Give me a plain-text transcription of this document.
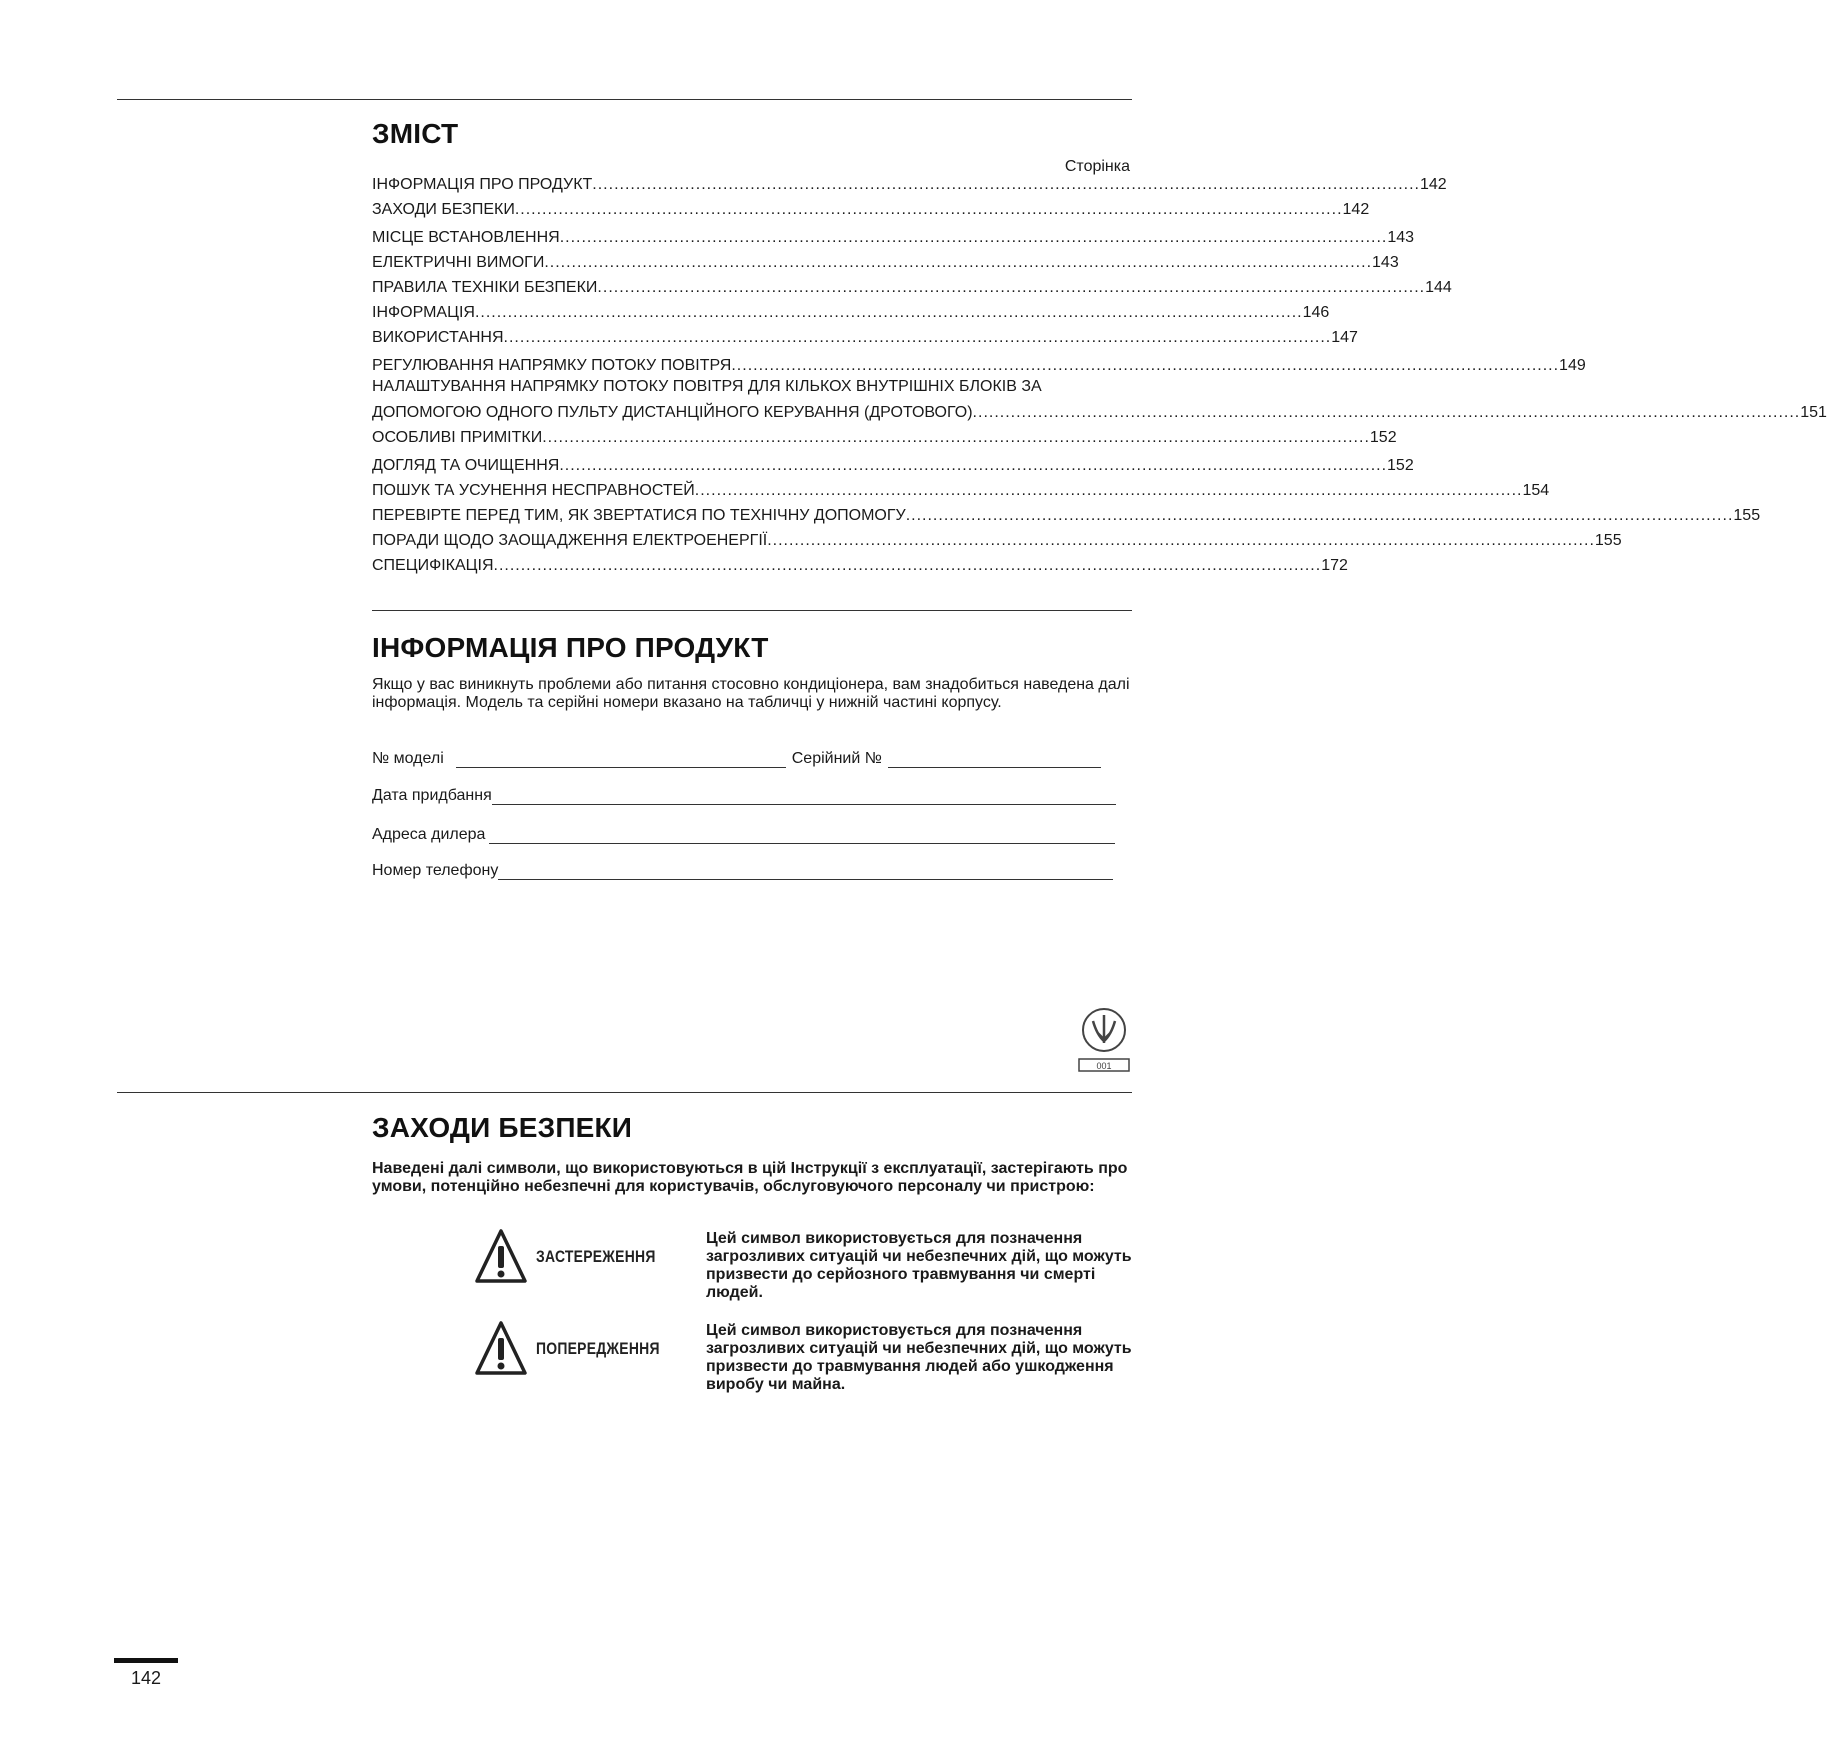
ЗМІСТ
Сторінка
ІНФОРМАЦІЯ ПРО ПРОДУКТ ........................................................................................................................................................ 142
ЗАХОДИ БЕЗПЕКИ ........................................................................................................................................................ 142
МІСЦЕ ВСТАНОВЛЕННЯ ........................................................................................................................................................ 143
ЕЛЕКТРИЧНІ ВИМОГИ ........................................................................................................................................................ 143
ПРАВИЛА ТЕХНІКИ БЕЗПЕКИ ........................................................................................................................................................ 144
ІНФОРМАЦІЯ ........................................................................................................................................................ 146
ВИКОРИСТАННЯ ........................................................................................................................................................ 147
РЕГУЛЮВАННЯ НАПРЯМКУ ПОТОКУ ПОВІТРЯ ........................................................................................................................................................ 149
НАЛАШТУВАННЯ НАПРЯМКУ ПОТОКУ ПОВІТРЯ ДЛЯ КІЛЬКОХ ВНУТРІШНІХ БЛОКІВ ЗА
ДОПОМОГОЮ ОДНОГО ПУЛЬТУ ДИСТАНЦІЙНОГО КЕРУВАННЯ (ДРОТОВОГО) ........................................................................................................................................................ 151
ОСОБЛИВІ ПРИМІТКИ ........................................................................................................................................................ 152
ДОГЛЯД ТА ОЧИЩЕННЯ ........................................................................................................................................................ 152
ПОШУК ТА УСУНЕННЯ НЕСПРАВНОСТЕЙ ........................................................................................................................................................ 154
ПЕРЕВІРТЕ ПЕРЕД ТИМ, ЯК ЗВЕРТАТИСЯ ПО ТЕХНІЧНУ ДОПОМОГУ ........................................................................................................................................................ 155
ПОРАДИ ЩОДО ЗАОЩАДЖЕННЯ ЕЛЕКТРОЕНЕРГІЇ ........................................................................................................................................................ 155
СПЕЦИФІКАЦІЯ ........................................................................................................................................................ 172
ІНФОРМАЦІЯ ПРО ПРОДУКТ

Якщо у вас виникнуть проблеми або питання стосовно кондиціонера, вам знадобиться наведена далі інформація. Модель та серійні номери вказано на табличці у нижній частині корпусу.

№ моделі	Серійний №
Дата придбання
Адреса дилера
Номер телефону
001
ЗАХОДИ БЕЗПЕКИ

Наведені далі символи, що використовуються в цій Інструкції з експлуатації, застерігають про умови, потенційно небезпечні для користувачів, обслуговуючого персоналу чи пристрою:

ЗАСТЕРЕЖЕННЯ

Цей символ використовується для позначення загрозливих ситуацій чи небезпечних дій, що можуть призвести до серйозного травмування чи смерті людей.

ПОПЕРЕДЖЕННЯ

Цей символ використовується для позначення загрозливих ситуацій чи небезпечних дій, що можуть призвести до травмування людей або ушкодження виробу чи майна.

142
